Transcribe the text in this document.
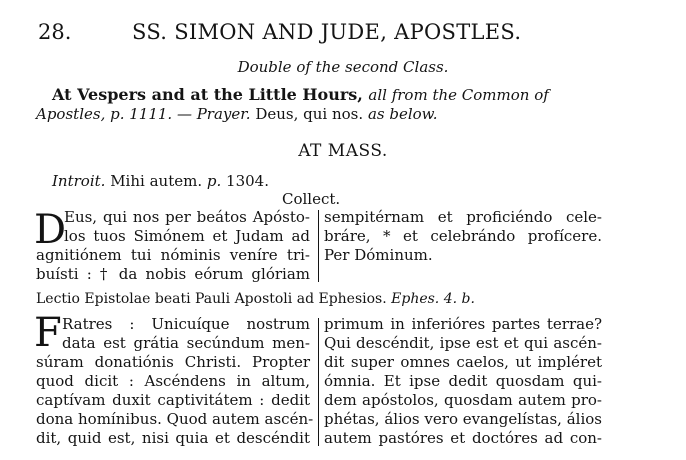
28.	SS. SIMON AND JUDE, APOSTLES.
Double of the second Class.
At Vespers and at the Little Hours, all from the Common of
Apostles, p. 1111. — Prayer. Deus, qui nos. as below.
AT MASS.
Introit. Mihi autem. p. 1304.
Collect.
D
Eus, qui nos per beátos Apósto-
los tuos Simónem et Judam ad
agnitiónem tui nóminis veníre tri-
buísti : † da nobis eórum glóriam
sempitérnam et proficiéndo cele-
bráre, * et celebrándo profícere.
Per Dóminum.
Lectio Epistolae beati Pauli Apostoli ad Ephesios. Ephes. 4. b.
F Ratres : Unicuíque nostrum
data est grátia secúndum men-
súram donatiónis Christi. Propter
quod dicit : Ascéndens in altum,
captívam duxit captivitátem : dedit
dona homínibus. Quod autem ascén-
dit, quid est, nisi quia et descéndit
primum in inferióres partes terrae?
Qui descéndit, ipse est et qui ascén-
dit super omnes caelos, ut impléret
ómnia. Et ipse dedit quosdam qui-
dem apóstolos, quosdam autem pro-
phétas, álios vero evangelístas, álios
autem pastóres et doctóres ad con-
